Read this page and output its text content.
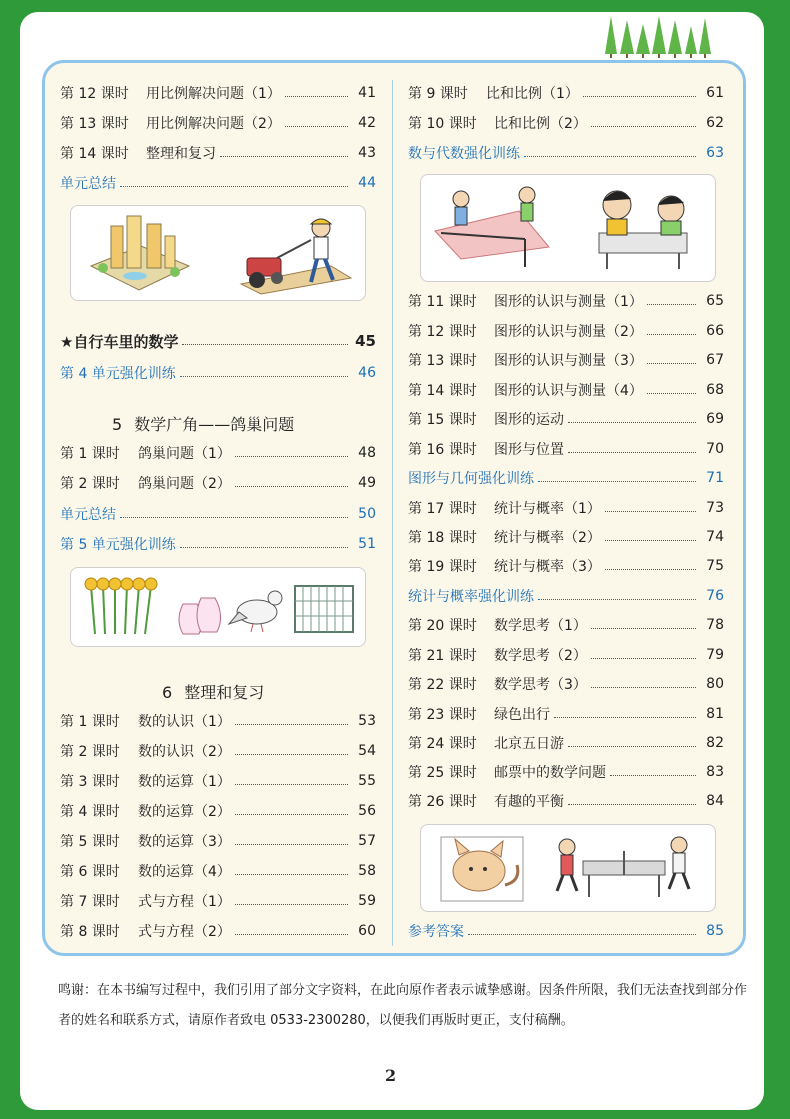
第 12 课时	用比例解决问题（1）	41
第 13 课时	用比例解决问题（2）	42
第 14 课时	整理和复习	43
单元总结	44
★自行车里的数学	45
第 4 单元强化训练	46
5 数学广角——鸽巢问题
第 1 课时	鸽巢问题（1）	48
第 2 课时	鸽巢问题（2）	49
单元总结	50
第 5 单元强化训练	51
6 整理和复习
第 1 课时	数的认识（1）	53
第 2 课时	数的认识（2）	54
第 3 课时	数的运算（1）	55
第 4 课时	数的运算（2）	56
第 5 课时	数的运算（3）	57
第 6 课时	数的运算（4）	58
第 7 课时	式与方程（1）	59
第 8 课时	式与方程（2）	60
第 9 课时	比和比例（1）	61
第 10 课时	比和比例（2）	62
数与代数强化训练	63
第 11 课时	图形的认识与测量（1）	65
第 12 课时	图形的认识与测量（2）	66
第 13 课时	图形的认识与测量（3）	67
第 14 课时	图形的认识与测量（4）	68
第 15 课时	图形的运动	69
第 16 课时	图形与位置	70
图形与几何强化训练	71
第 17 课时	统计与概率（1）	73
第 18 课时	统计与概率（2）	74
第 19 课时	统计与概率（3）	75
统计与概率强化训练	76
第 20 课时	数学思考（1）	78
第 21 课时	数学思考（2）	79
第 22 课时	数学思考（3）	80
第 23 课时	绿色出行	81
第 24 课时	北京五日游	82
第 25 课时	邮票中的数学问题	83
第 26 课时	有趣的平衡	84
参考答案	85
鸣谢：在本书编写过程中，我们引用了部分文字资料，在此向原作者表示诚挚感谢。因条件所限，我们无法查找到部分作者的姓名和联系方式，请原作者致电 0533-2300280，以便我们再版时更正，支付稿酬。
2
